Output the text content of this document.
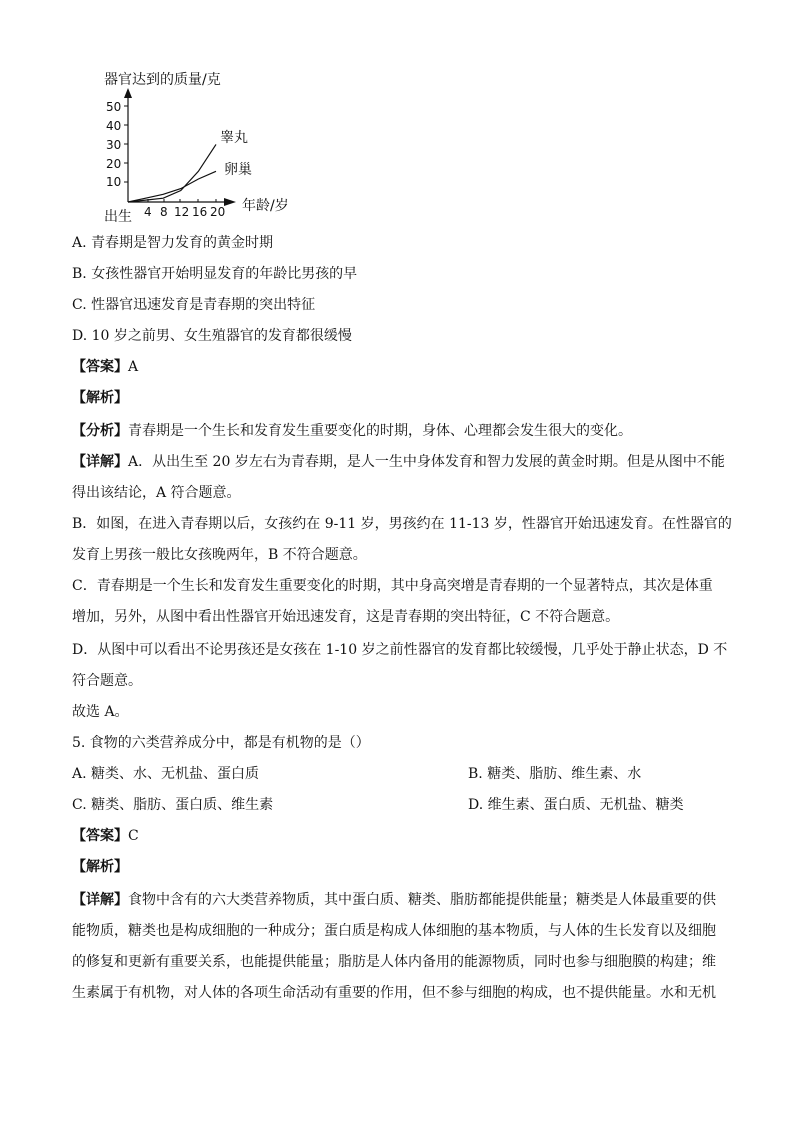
器官达到的质量/克
50
40
30
20
10
4 8 12 16 20
出生
年龄/岁
睾丸
卵巢
A. 青春期是智力发育的黄金时期
B. 女孩性器官开始明显发育的年龄比男孩的早
C. 性器官迅速发育是青春期的突出特征
D. 10 岁之前男、女生殖器官的发育都很缓慢
【答案】A
【解析】
【分析】青春期是一个生长和发育发生重要变化的时期，身体、心理都会发生很大的变化。
【详解】A．从出生至 20 岁左右为青春期，是人一生中身体发育和智力发展的黄金时期。但是从图中不能
得出该结论，A 符合题意。
B．如图，在进入青春期以后，女孩约在 9-11 岁，男孩约在 11-13 岁，性器官开始迅速发育。在性器官的
发育上男孩一般比女孩晚两年，B 不符合题意。
C．青春期是一个生长和发育发生重要变化的时期，其中身高突增是青春期的一个显著特点，其次是体重
增加，另外，从图中看出性器官开始迅速发育，这是青春期的突出特征，C 不符合题意。
D．从图中可以看出不论男孩还是女孩在 1-10 岁之前性器官的发育都比较缓慢，几乎处于静止状态，D 不
符合题意。
故选 A。
5. 食物的六类营养成分中，都是有机物的是（）
A. 糖类、水、无机盐、蛋白质	B. 糖类、脂肪、维生素、水
C. 糖类、脂肪、蛋白质、维生素	D. 维生素、蛋白质、无机盐、糖类
【答案】C
【解析】
【详解】食物中含有的六大类营养物质，其中蛋白质、糖类、脂肪都能提供能量；糖类是人体最重要的供
能物质，糖类也是构成细胞的一种成分；蛋白质是构成人体细胞的基本物质，与人体的生长发育以及细胞
的修复和更新有重要关系，也能提供能量；脂肪是人体内备用的能源物质，同时也参与细胞膜的构建；维
生素属于有机物，对人体的各项生命活动有重要的作用，但不参与细胞的构成，也不提供能量。水和无机
